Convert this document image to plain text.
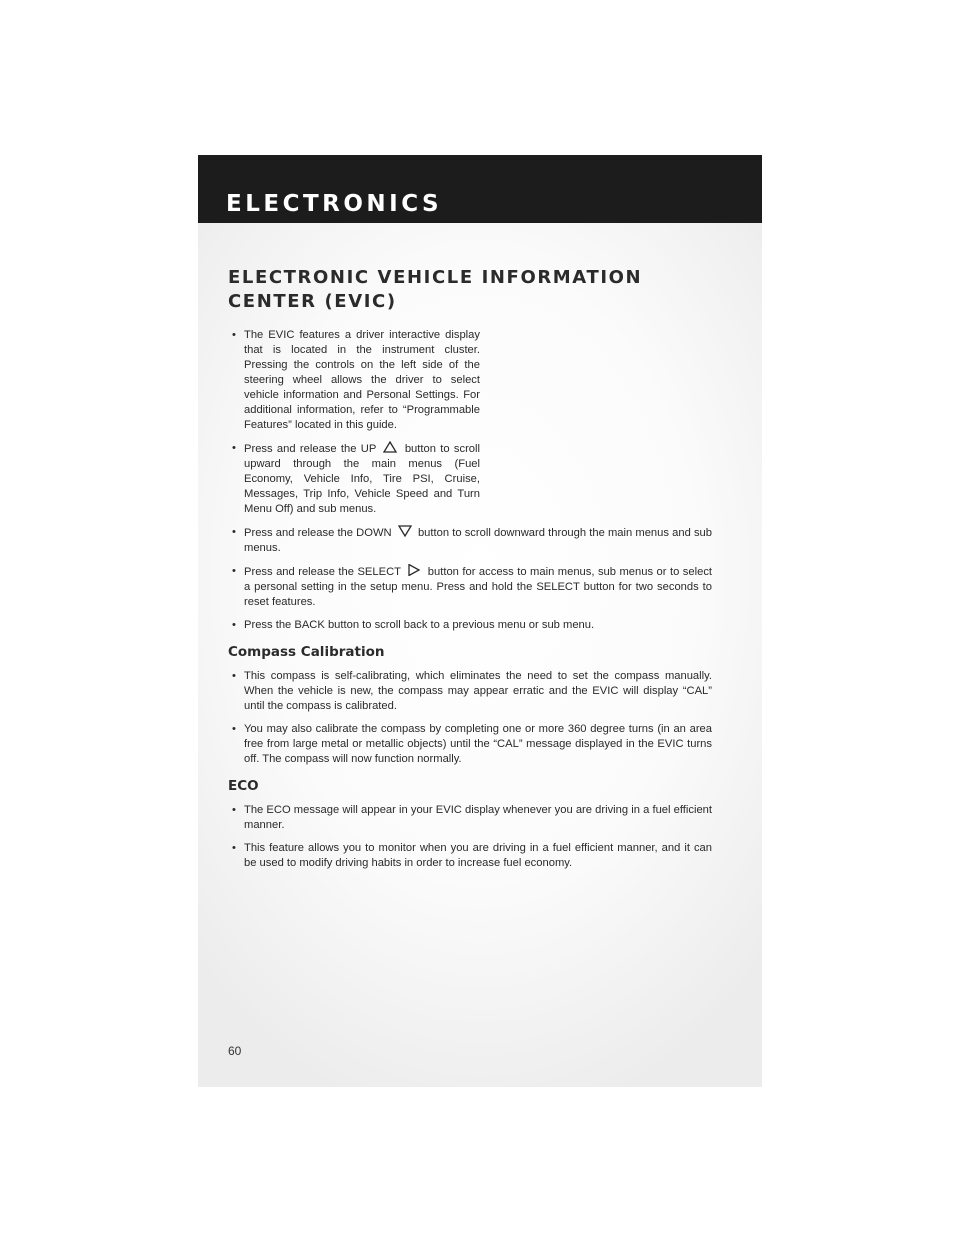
ELECTRONICS
ELECTRONIC VEHICLE INFORMATION
CENTER (EVIC)
• The EVIC features a driver interactive display that is located in the instrument cluster. Pressing the controls on the left side of the steering wheel allows the driver to select vehicle information and Personal Settings. For additional information, refer to “Programmable Features” located in this guide.
• Press and release the UP	button to scroll upward through the main menus (Fuel Economy, Vehicle Info, Tire PSI, Cruise, Messages, Trip Info, Vehicle Speed and Turn Menu Off) and sub menus.
• Press and release the DOWN button to scroll downward through the main menus and sub menus.
• Press and release the SELECT button for access to main menus, sub menus or to select a personal setting in the setup menu. Press and hold the SELECT button for two seconds to reset features.
• Press the BACK button to scroll back to a previous menu or sub menu.
Compass Calibration
• This compass is self-calibrating, which eliminates the need to set the compass manually. When the vehicle is new, the compass may appear erratic and the EVIC will display “CAL” until the compass is calibrated.
• You may also calibrate the compass by completing one or more 360 degree turns (in an area free from large metal or metallic objects) until the “CAL” message displayed in the EVIC turns off. The compass will now function normally.
ECO
• The ECO message will appear in your EVIC display whenever you are driving in a fuel efficient manner.
• This feature allows you to monitor when you are driving in a fuel efficient manner, and it can be used to modify driving habits in order to increase fuel economy.
60
